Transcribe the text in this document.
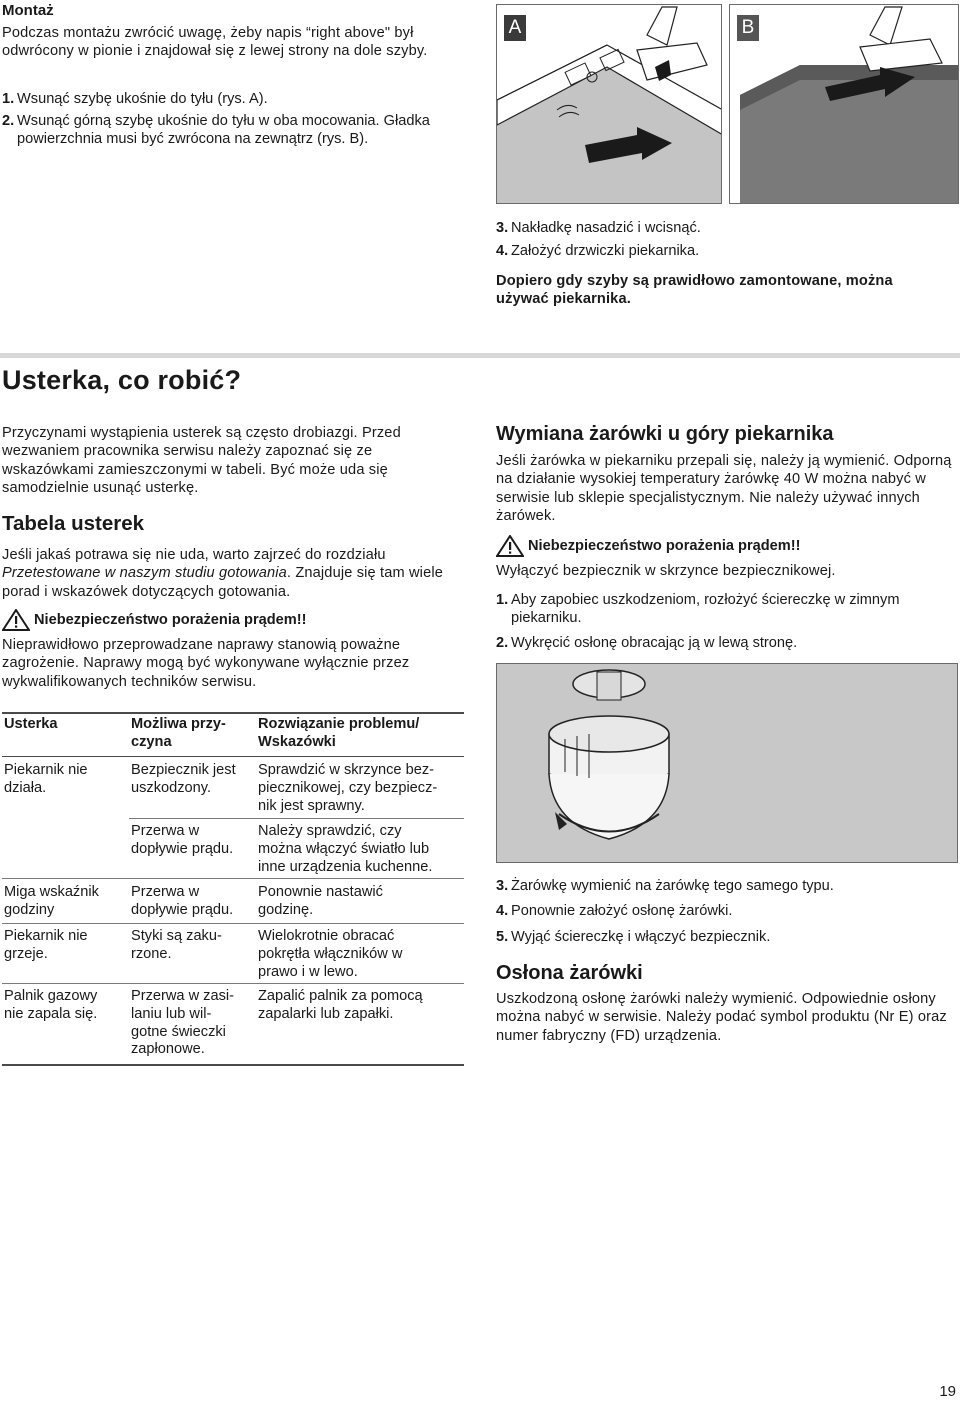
Montaż
Podczas montażu zwrócić uwagę, żeby napis “right above" był odwrócony w pionie i znajdował się z lewej strony na dole szyby.
1. Wsunąć szybę ukośnie do tyłu (rys. A).
2. Wsunąć górną szybę ukośnie do tyłu w oba mocowania. Gładka powierzchnia musi być zwrócona na zewnątrz (rys. B).
A	B
3. Nakładkę nasadzić i wcisnąć.
4. Założyć drzwiczki piekarnika.
Dopiero gdy szyby są prawidłowo zamontowane, można używać piekarnika.
Usterka, co robić?
Przyczynami wystąpienia usterek są często drobiazgi. Przed wezwaniem pracownika serwisu należy zapoznać się ze wskazówkami zamieszczonymi w tabeli. Być może uda się samodzielnie usunąć usterkę.
Tabela usterek
Jeśli jakaś potrawa się nie uda, warto zajrzeć do rozdziału Przetestowane w naszym studiu gotowania. Znajduje się tam wiele porad i wskazówek dotyczących gotowania.
Niebezpieczeństwo porażenia prądem!!
Nieprawidłowo przeprowadzane naprawy stanowią poważne zagrożenie. Naprawy mogą być wykonywane wyłącznie przez wykwalifikowanych techników serwisu.
Usterka	Możliwa przy-
czyna
Rozwiązanie problemu/
Wskazówki
Piekarnik nie
działa.
Bezpiecznik jest
uszkodzony.
Sprawdzić w skrzynce bez-
piecznikowej, czy bezpiecz-
nik jest sprawny.
Przerwa w
dopływie prądu.
Należy sprawdzić, czy
można włączyć światło lub
inne urządzenia kuchenne.
Miga wskaźnik
godziny
Przerwa w
dopływie prądu.
Ponownie nastawić
godzinę.
Piekarnik nie
grzeje.
Styki są zaku-
rzone.
Wielokrotnie obracać
pokrętła włączników w
prawo i w lewo.
Palnik gazowy
nie zapala się.
Przerwa w zasi-
laniu lub wil-
gotne świeczki
zapłonowe.
Zapalić palnik za pomocą
zapalarki lub zapałki.
Wymiana żarówki u góry piekarnika
Jeśli żarówka w piekarniku przepali się, należy ją wymienić. Odporną na działanie wysokiej temperatury żarówkę 40 W można nabyć w serwisie lub sklepie specjalistycznym. Nie należy używać innych żarówek.
Niebezpieczeństwo porażenia prądem!!
Wyłączyć bezpiecznik w skrzynce bezpiecznikowej.
1. Aby zapobiec uszkodzeniom, rozłożyć ściereczkę w zimnym piekarniku.
2. Wykręcić osłonę obracając ją w lewą stronę.
3. Żarówkę wymienić na żarówkę tego samego typu.
4. Ponownie założyć osłonę żarówki.
5. Wyjąć ściereczkę i włączyć bezpiecznik.
Osłona żarówki
Uszkodzoną osłonę żarówki należy wymienić. Odpowiednie osłony można nabyć w serwisie. Należy podać symbol produktu (Nr E) oraz numer fabryczny (FD) urządzenia.
19
